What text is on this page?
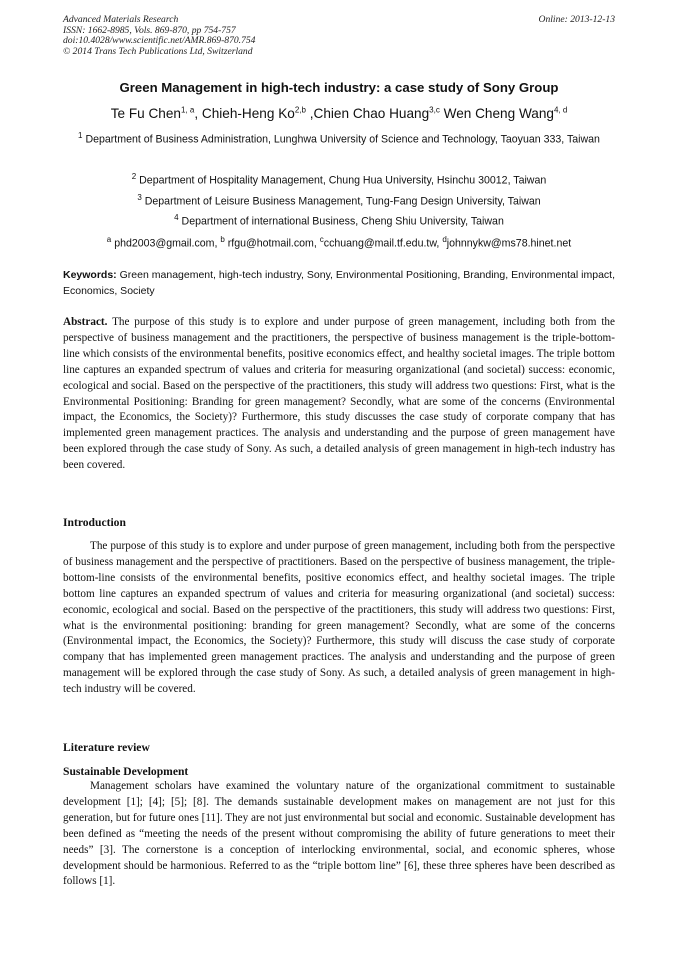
Advanced Materials Research
ISSN: 1662-8985, Vols. 869-870, pp 754-757
doi:10.4028/www.scientific.net/AMR.869-870.754
© 2014 Trans Tech Publications Ltd, Switzerland
Online: 2013-12-13
Green Management in high-tech industry: a case study of Sony Group
Te Fu Chen$^{1, a}$, Chieh-Heng Ko$^{2,b}$ ,Chien Chao Huang$^{3,c}$ Wen Cheng Wang$^{4, d}$
$^1$ Department of Business Administration, Lunghwa University of Science and Technology, Taoyuan 333, Taiwan
$^2$ Department of Hospitality Management, Chung Hua University, Hsinchu 30012, Taiwan
$^3$ Department of Leisure Business Management, Tung-Fang Design University, Taiwan
$^4$ Department of international Business, Cheng Shiu University, Taiwan
$^a$ phd2003@gmail.com, $^b$ rfgu@hotmail.com, $^c$cchuang@mail.tf.edu.tw, $^d$johnnykw@ms78.hinet.net
Keywords: Green management, high-tech industry, Sony, Environmental Positioning, Branding, Environmental impact, Economics, Society
Abstract. The purpose of this study is to explore and under purpose of green management, including both from the perspective of business management and the practitioners, the perspective of business management is the triple-bottom-line which consists of the environmental benefits, positive economics effect, and healthy societal images. The triple bottom line captures an expanded spectrum of values and criteria for measuring organizational (and societal) success: economic, ecological and social. Based on the perspective of the practitioners, this study will address two questions: First, what is the Environmental Positioning: Branding for green management? Secondly, what are some of the concerns (Environmental impact, the Economics, the Society)? Furthermore, this study discusses the case study of corporate company that has implemented green management practices. The analysis and understanding and the purpose of green management have been explored through the case study of Sony. As such, a detailed analysis of green management in high-tech industry has been covered.
Introduction
The purpose of this study is to explore and under purpose of green management, including both from the perspective of business management and the perspective of practitioners. Based on the perspective of business management, the triple-bottom-line consists of the environmental benefits, positive economics effect, and healthy societal images. The triple bottom line captures an expanded spectrum of values and criteria for measuring organizational (and societal) success: economic, ecological and social. Based on the perspective of the practitioners, this study will address two questions: First, what is the environmental positioning: branding for green management? Secondly, what are some of the concerns (Environmental impact, the Economics, the Society)? Furthermore, this study will discuss the case study of corporate company that has implemented green management practices. The analysis and understanding and the purpose of green management will be explored through the case study of Sony. As such, a detailed analysis of green management in high-tech industry will be covered.
Literature review
Sustainable Development
Management scholars have examined the voluntary nature of the organizational commitment to sustainable development [1]; [4]; [5]; [8]. The demands sustainable development makes on management are not just for this generation, but for future ones [11]. They are not just environmental but social and economic. Sustainable development has been defined as “meeting the needs of the present without compromising the ability of future generations to meet their needs” [3]. The cornerstone is a conception of interlocking environmental, social, and economic spheres, whose development should be harmonious. Referred to as the “triple bottom line” [6], these three spheres have been described as follows [1].
